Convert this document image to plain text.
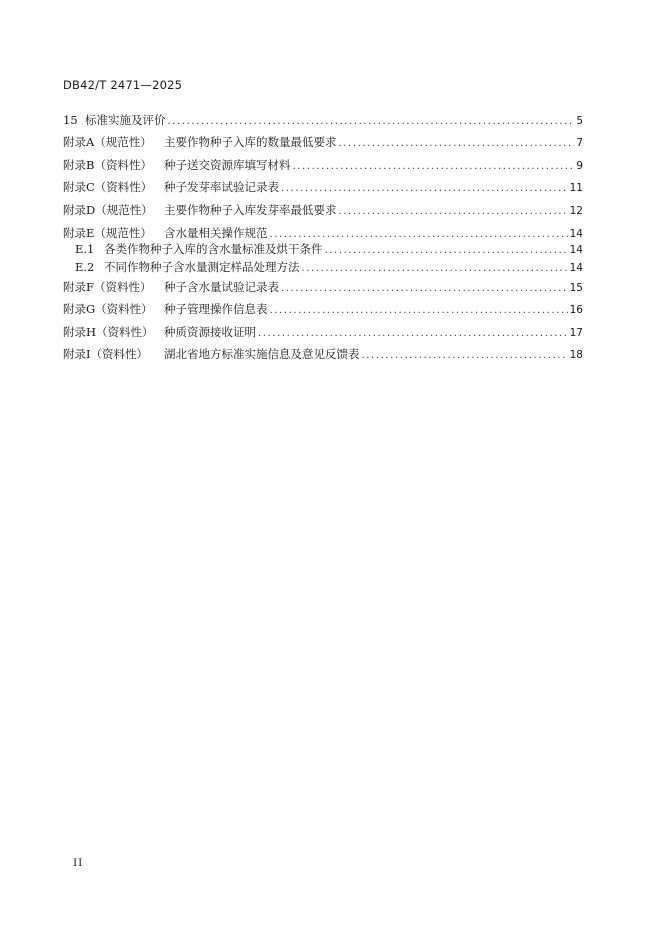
DB42/T 2471—2025
15 标准实施及评价 .....	5
附录A（规范性）	主要作物种子入库的数量最低要求 .....	7
附录B（资料性）	种子送交资源库填写材料 .....	9
附录C（资料性）	种子发芽率试验记录表 .....	11
附录D（规范性） 主要作物种子入库发芽率最低要求 .....	12
附录E（规范性）	含水量相关操作规范 .....	14
E.1 各类作物种子入库的含水量标准及烘干条件 .....	14
E.2 不同作物种子含水量测定样品处理方法 .....	14
附录F（资料性）	种子含水量试验记录表 .....	15
附录G（资料性） 种子管理操作信息表 .....	16
附录H（资料性） 种质资源接收证明 .....	17
附录I（资料性）	湖北省地方标准实施信息及意见反馈表 .....	18
II
